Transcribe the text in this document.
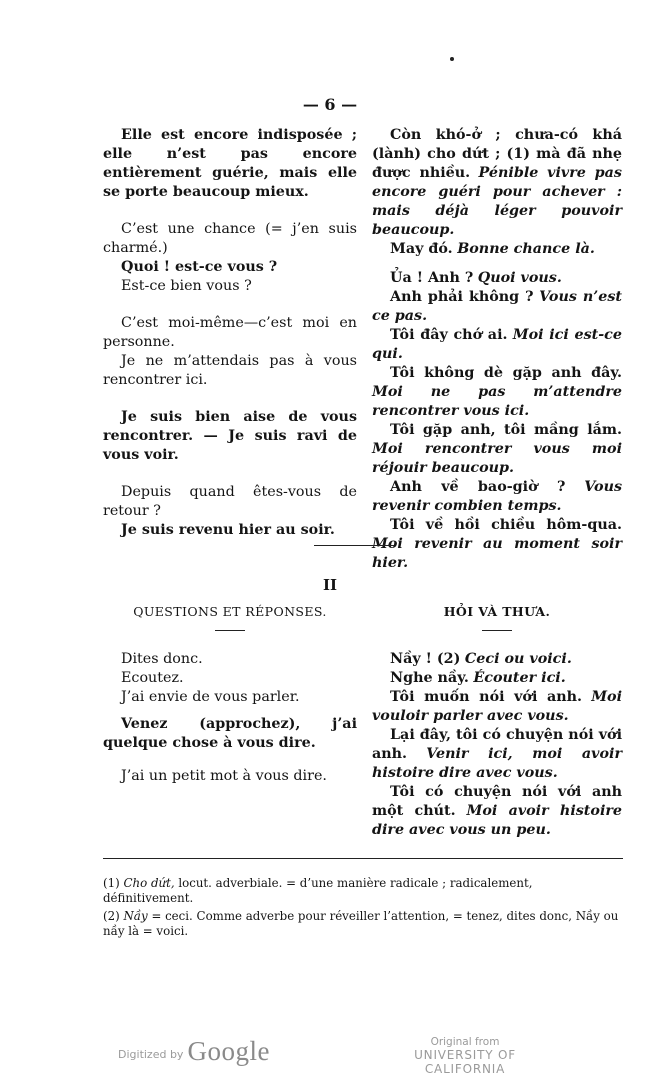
— 6 —
Elle est encore indisposée ; elle n’est pas encore entièrement guérie, mais elle se porte beaucoup mieux.
C’est une chance (= j’en suis charmé.)
Quoi ! est-ce vous ?
Est-ce bien vous ?
C’est moi-même—c’est moi en personne.
Je ne m’attendais pas à vous rencontrer ici.
Je suis bien aise de vous rencontrer. — Je suis ravi de vous voir.
Depuis quand êtes-vous de retour ?
Je suis revenu hier au soir.
Còn khó-ở ; chưa-có khá (lành) cho dứt ; (1) mà đã nhẹ được nhiều. Pénible vivre pas encore guéri pour achever : mais déjà léger pouvoir beaucoup.
May đó. Bonne chance là.
Ủa ! Anh ? Quoi vous.
Anh phải không ? Vous n’est ce pas.
Tôi đây chớ ai. Moi ici est-ce qui.
Tôi không dè gặp anh đây. Moi ne pas m’attendre rencontrer vous ici.
Tôi gặp anh, tôi mầng lắm. Moi rencontrer vous moi réjouir beaucoup.
Anh về bao-giờ ? Vous revenir combien temps.
Tôi về hồi chiều hôm-qua. Moi revenir au moment soir hier.
II
QUESTIONS ET RÉPONSES.	HỎI VÀ THƯA.
Dites donc.
Ecoutez.
J’ai envie de vous parler.
Venez (approchez), j’ai quelque chose à vous dire.
J’ai un petit mot à vous dire.
Nầy ! (2) Ceci ou voici.
Nghe nầy. Écouter ici.
Tôi muốn nói với anh. Moi vouloir parler avec vous.
Lại đây, tôi có chuyện nói với anh. Venir ici, moi avoir histoire dire avec vous.
Tôi có chuyện nói với anh một chút. Moi avoir histoire dire avec vous un peu.
(1) Cho dứt, locut. adverbiale. = d’une manière radicale ; radicalement, définitivement.
(2) Nầy = ceci. Comme adverbe pour réveiller l’attention, = tenez, dites donc, Nầy ou nầy là = voici.
Digitized by Google	Original from
UNIVERSITY OF CALIFORNIA
